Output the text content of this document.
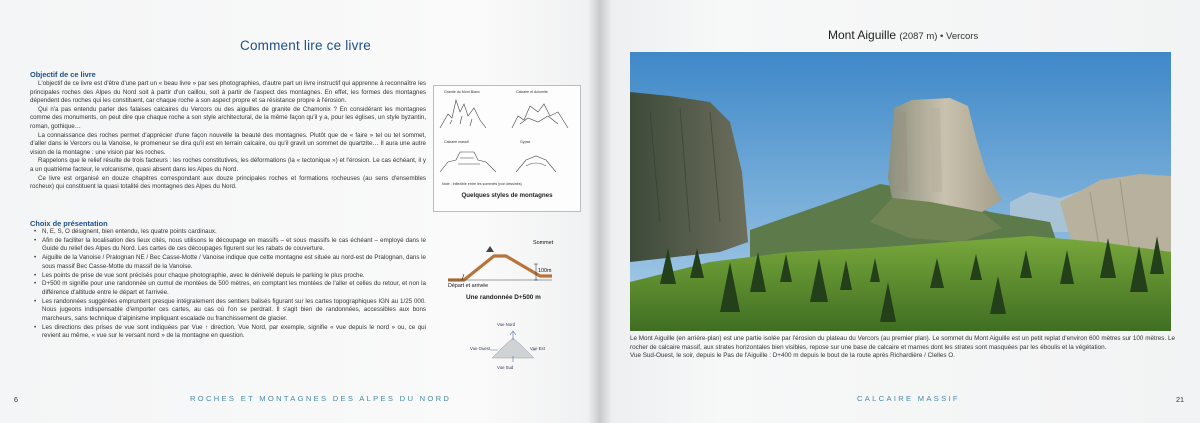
Comment lire ce livre
Objectif de ce livre

L'objectif de ce livre est d'être d'une part un « beau livre » par ses photographies, d'autre part un livre instructif qui apprenne à reconnaître les principales roches des Alpes du Nord soit à partir d'un caillou, soit à partir de l'aspect des montagnes. En effet, les formes des montagnes dépendent des roches qui les constituent, car chaque roche a son aspect propre et sa résistance propre à l'érosion.

Qui n'a pas entendu parler des falaises calcaires du Vercors ou des aiguilles de granite de Chamonix ? En considérant les montagnes comme des monuments, on peut dire que chaque roche a son style architectural, de la même façon qu'il y a, pour les églises, un style byzantin, roman, gothique…

La connaissance des roches permet d'apprécier d'une façon nouvelle la beauté des montagnes. Plutôt que de « faire » tel ou tel sommet, d'aller dans le Vercors ou la Vanoise, le promeneur se dira qu'il est en terrain calcaire, ou qu'il gravit un sommet de quartzite… Il aura une autre vision de la montagne : une vision par les roches.

Rappelons que le relief résulte de trois facteurs : les roches constitutives, les déformations (la « tectonique ») et l'érosion. Le cas échéant, il y a un quatrième facteur, le volcanisme, quasi absent dans les Alpes du Nord.

Ce livre est organisé en douze chapitres correspondant aux douze principales roches et formations rocheuses (au sens d'ensembles rocheux) qui constituent la quasi totalité des montagnes des Alpes du Nord.

Choix de présentation
• N, E, S, O désignent, bien entendu, les quatre points cardinaux.
• Afin de faciliter la localisation des lieux cités, nous utilisons le découpage en massifs – et sous massifs le cas échéant – employé dans le Guide du relief des Alpes du Nord. Les cartes de ces découpages figurent sur les rabats de couverture.
• Aiguille de la Vanoise / Pralognan NE / Bec Casse-Motte / Vanoise indique que cette montagne est située au nord-est de Pralognan, dans le sous massif Bec Casse-Motte du massif de la Vanoise.
• Les points de prise de vue sont précisés pour chaque photographie, avec le dénivelé depuis le parking le plus proche.
• D+500 m signifie pour une randonnée un cumul de montées de 500 mètres, en comptant les montées de l'aller et celles du retour, et non la différence d'altitude entre le départ et l'arrivée.
• Les randonnées suggérées empruntent presque intégralement des sentiers balisés figurant sur les cartes topographiques IGN au 1/25 000. Nous jugeons indispensable d'emporter ces cartes, au cas où l'on se perdrait. Il s'agit bien de randonnées, accessibles aux bons marcheurs, sans technique d'alpinisme impliquant escalade ou franchissement de glacier.
• Les directions des prises de vue sont indiquées par Vue ↑ direction. Vue Nord, par exemple, signifie « vue depuis le nord » ou, ce qui revient au même, « vue sur le versant nord » de la montagne en question.
Granite du Mont Blanc	Calcaire et dolomite
Calcaire massif	Gypse
Note : Inflexible entre les sommets (non dessinés)
Quelques styles de montagnes
Sommet
100m
Départ et arrivée
Une randonnée D+500 m
Vue Nord
Vue Ouest	Vue Est
Vue Sud
6	ROCHES ET MONTAGNES DES ALPES DU NORD
Mont Aiguille (2087 m) • Vercors

Le Mont Aiguille (en arrière-plan) est une partie isolée par l'érosion du plateau du Vercors (au premier plan). Le sommet du Mont Aiguille est un petit replat d'environ 600 mètres sur 100 mètres. Le rocher de calcaire massif, aux strates horizontales bien visibles, repose sur une base de calcaire et marnes dont les strates sont masquées par les éboulis et la végétation.

Vue Sud-Ouest, le soir, depuis le Pas de l'Aiguille : D+400 m depuis le bout de la route après Richardière / Clelles O.

CALCAIRE MASSIF	21
